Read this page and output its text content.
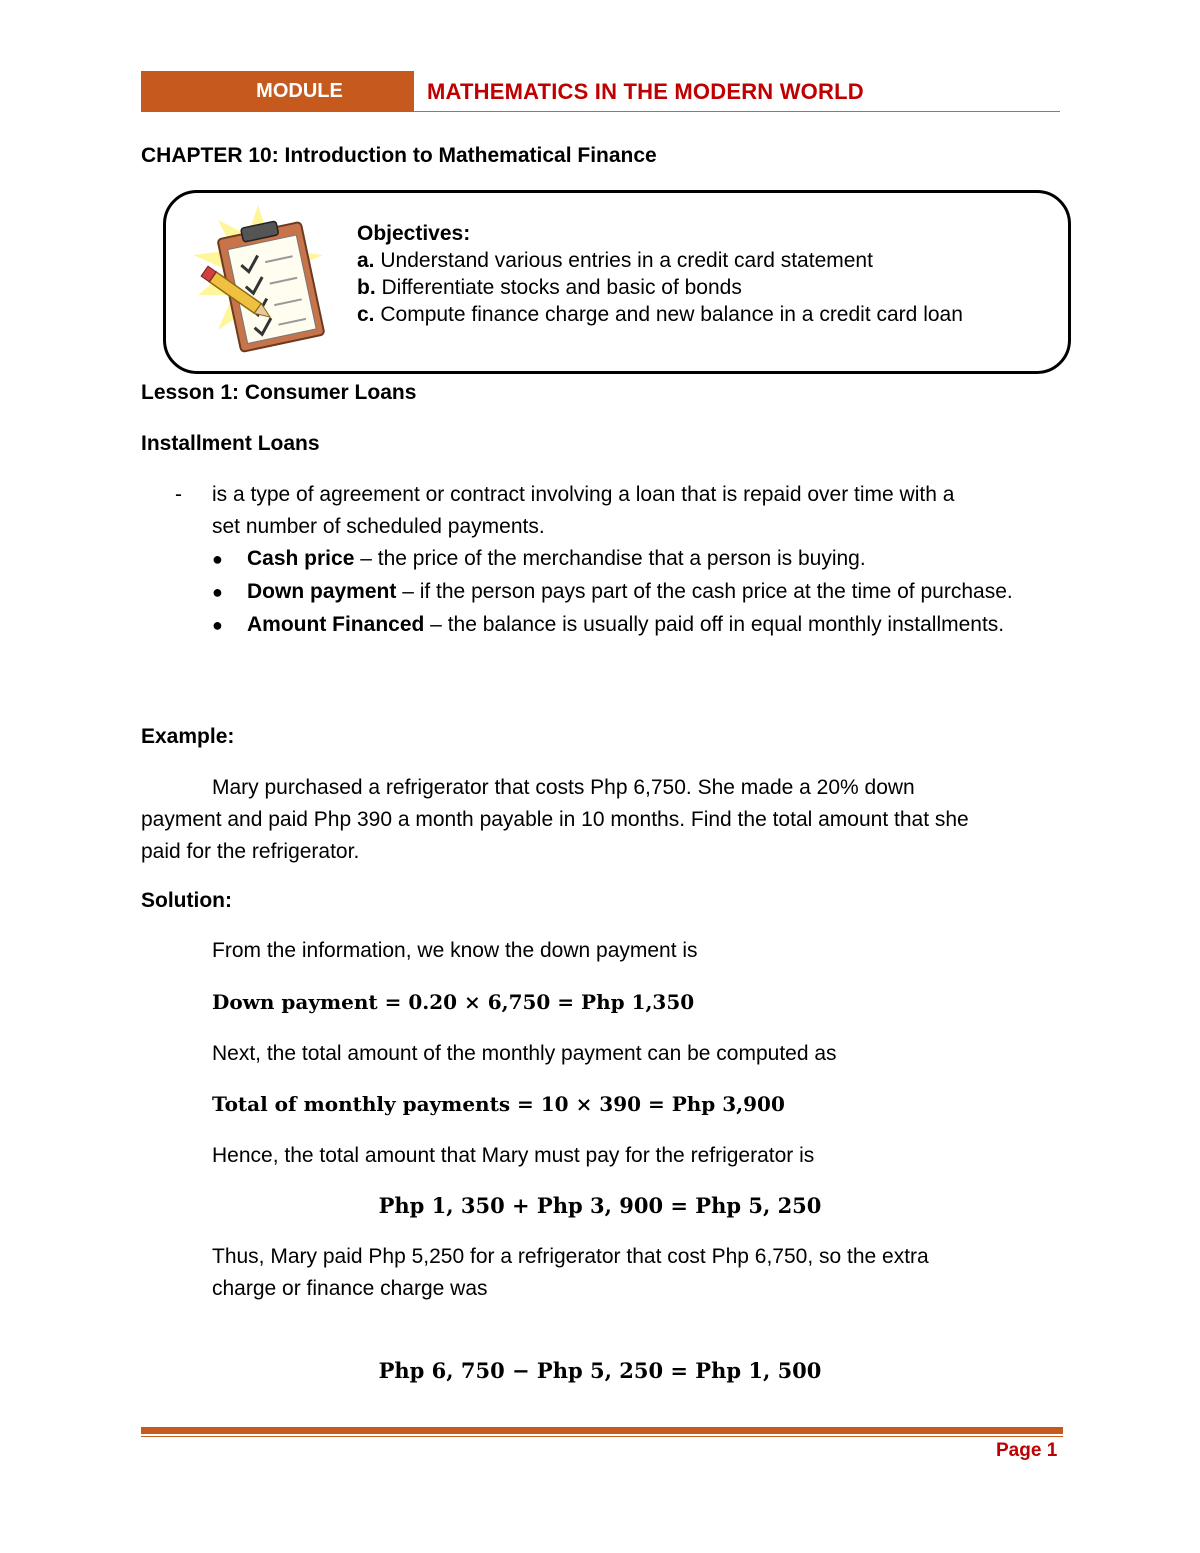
MODULE	MATHEMATICS IN THE MODERN WORLD
CHAPTER 10: Introduction to Mathematical Finance
Objectives:
a. Understand various entries in a credit card statement
b. Differentiate stocks and basic of bonds
c. Compute finance charge and new balance in a credit card loan
Lesson 1: Consumer Loans
Installment Loans
- is a type of agreement or contract involving a loan that is repaid over time with a
set number of scheduled payments.
●	Cash price – the price of the merchandise that a person is buying.
●	Down payment – if the person pays part of the cash price at the time of purchase.
●	Amount Financed – the balance is usually paid off in equal monthly installments.
Example:
Mary purchased a refrigerator that costs Php 6,750. She made a 20% down
payment and paid Php 390 a month payable in 10 months. Find the total amount that she
paid for the refrigerator.
Solution:
From the information, we know the down payment is
Down payment = 0.20 × 6,750 = Php 1,350
Next, the total amount of the monthly payment can be computed as
Total of monthly payments = 10 × 390 = Php 3,900
Hence, the total amount that Mary must pay for the refrigerator is
Php 1, 350 + Php 3, 900 = Php 5, 250
Thus, Mary paid Php 5,250 for a refrigerator that cost Php 6,750, so the extra
charge or finance charge was
Php 6, 750 − Php 5, 250 = Php 1, 500
Page 1
